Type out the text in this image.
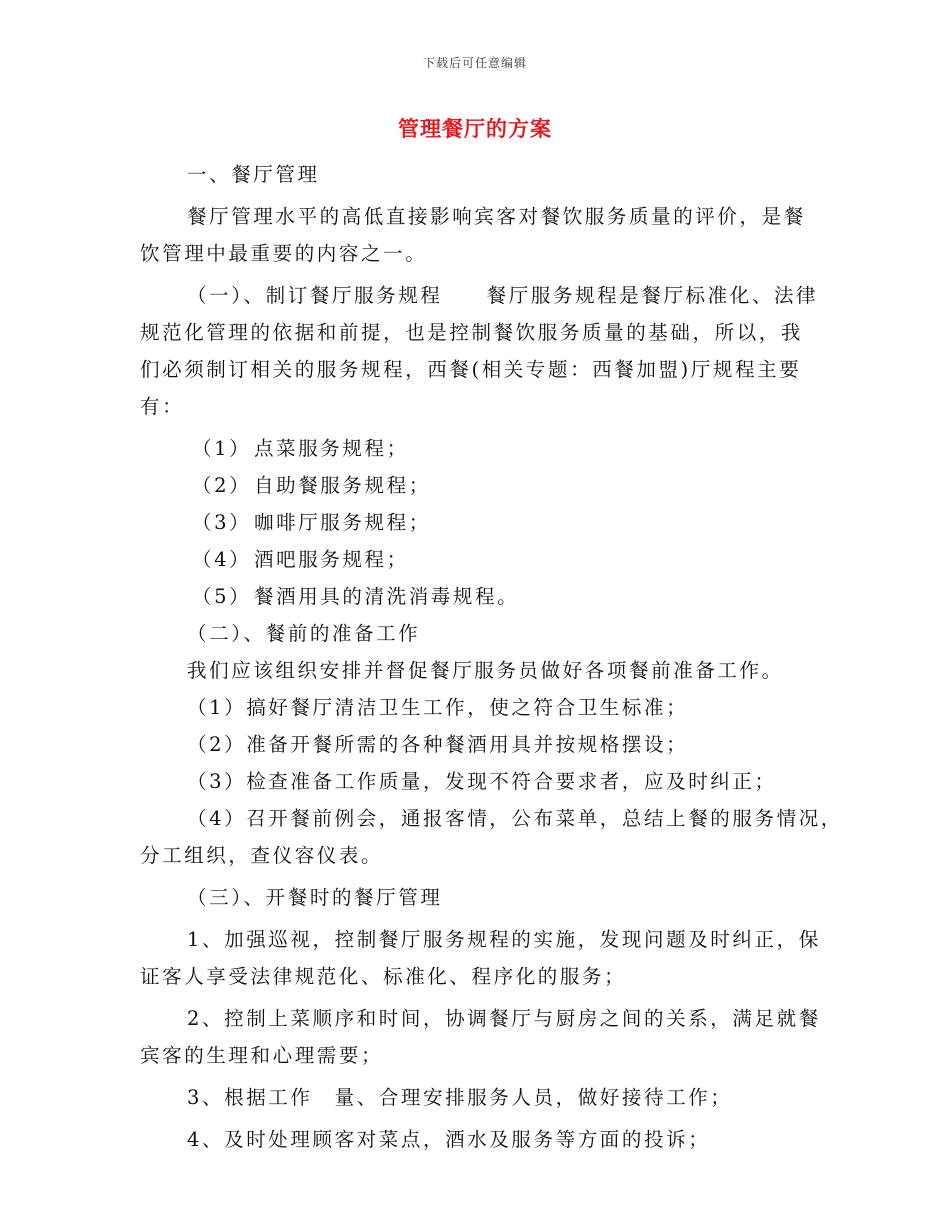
下载后可任意编辑
管理餐厅的方案

一、餐厅管理

餐厅管理水平的高低直接影响宾客对餐饮服务质量的评价，是餐

饮管理中最重要的内容之一。

（一）、制订餐厅服务规程　　餐厅服务规程是餐厅标准化、法律

规范化管理的依据和前提，也是控制餐饮服务质量的基础，所以，我

们必须制订相关的服务规程，西餐(相关专题：西餐加盟)厅规程主要

有：

（1） 点菜服务规程；

（2） 自助餐服务规程；

（3） 咖啡厅服务规程；

（4） 酒吧服务规程；

（5） 餐酒用具的清洗消毒规程。

（二）、餐前的准备工作

我们应该组织安排并督促餐厅服务员做好各项餐前准备工作。

（1）搞好餐厅清洁卫生工作，使之符合卫生标准；

（2）准备开餐所需的各种餐酒用具并按规格摆设；

（3）检查准备工作质量，发现不符合要求者，应及时纠正；

（4）召开餐前例会，通报客情，公布菜单，总结上餐的服务情况，

分工组织，查仪容仪表。

（三）、开餐时的餐厅管理

1、加强巡视，控制餐厅服务规程的实施，发现问题及时纠正，保

证客人享受法律规范化、标准化、程序化的服务；

2、控制上菜顺序和时间，协调餐厅与厨房之间的关系，满足就餐

宾客的生理和心理需要；

3、根据工作　量、合理安排服务人员，做好接待工作；

4、及时处理顾客对菜点，酒水及服务等方面的投诉；
